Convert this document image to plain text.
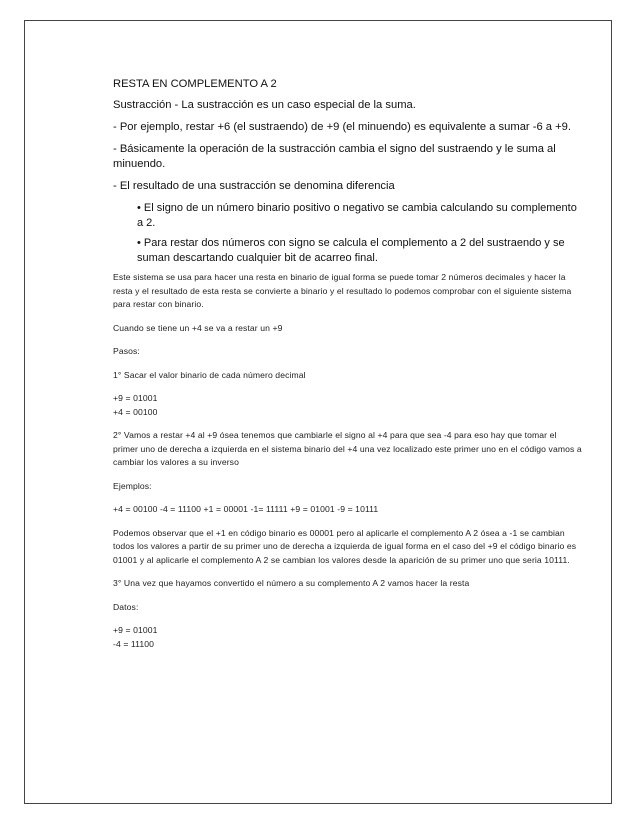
RESTA EN COMPLEMENTO A 2

Sustracción - La sustracción es un caso especial de la suma.

- Por ejemplo, restar +6 (el sustraendo) de +9 (el minuendo) es equivalente a sumar -6 a +9.

- Básicamente la operación de la sustracción cambia el signo del sustraendo y le suma al minuendo.

- El resultado de una sustracción se denomina diferencia

• El signo de un número binario positivo o negativo se cambia calculando su complemento a 2.

• Para restar dos números con signo se calcula el complemento a 2 del sustraendo y se suman descartando cualquier bit de acarreo final.

Este sistema se usa para hacer una resta en binario de igual forma se puede tomar 2 números decimales y hacer la resta y el resultado de esta resta se convierte a binario y el resultado lo podemos comprobar con el siguiente sistema para restar con binario.

Cuando se tiene un +4 se va a restar un +9

Pasos:

1° Sacar el valor binario de cada número decimal

+9 = 01001

+4 = 00100

2° Vamos a restar +4 al +9 ósea tenemos que cambiarle el signo al +4 para que sea -4 para eso hay que tomar el primer uno de derecha a izquierda en el sistema binario del +4 una vez localizado este primer uno en el código vamos a cambiar los valores a su inverso

Ejemplos:

+4 = 00100 -4 = 11100 +1 = 00001 -1= 11111 +9 = 01001 -9 = 10111

Podemos observar que el +1 en código binario es 00001 pero al aplicarle el complemento A 2 ósea a -1 se cambian todos los valores a partir de su primer uno de derecha a izquierda de igual forma en el caso del +9 el código binario es 01001 y al aplicarle el complemento A 2 se cambian los valores desde la aparición de su primer uno que seria 10111.

3° Una vez que hayamos convertido el número a su complemento A 2 vamos hacer la resta

Datos:

+9 = 01001

-4 = 11100
